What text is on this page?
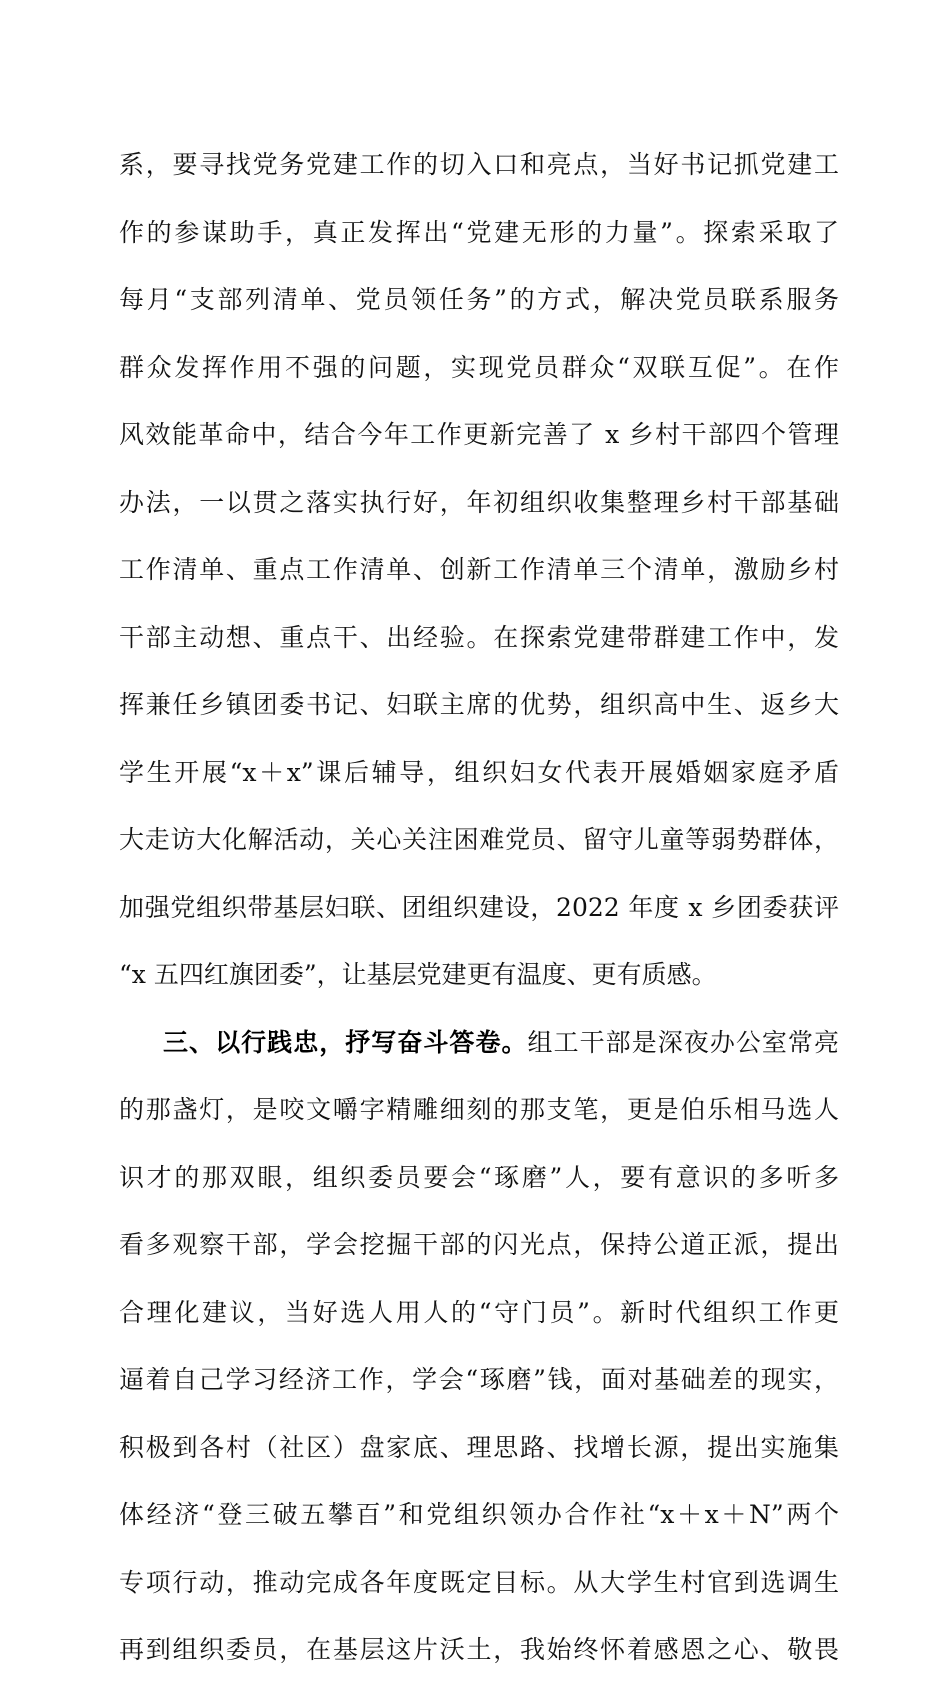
系，要寻找党务党建工作的切入口和亮点，当好书记抓党建工
作的参谋助手，真正发挥出“党建无形的力量”。探索采取了
每月“支部列清单、党员领任务”的方式，解决党员联系服务
群众发挥作用不强的问题，实现党员群众“双联互促”。在作
风效能革命中，结合今年工作更新完善了 x 乡村干部四个管理
办法，一以贯之落实执行好，年初组织收集整理乡村干部基础
工作清单、重点工作清单、创新工作清单三个清单，激励乡村
干部主动想、重点干、出经验。在探索党建带群建工作中，发
挥兼任乡镇团委书记、妇联主席的优势，组织高中生、返乡大
学生开展“x＋x”课后辅导，组织妇女代表开展婚姻家庭矛盾
大走访大化解活动，关心关注困难党员、留守儿童等弱势群体，
加强党组织带基层妇联、团组织建设，2022 年度 x 乡团委获评
“x 五四红旗团委”，让基层党建更有温度、更有质感。
三、以行践忠，抒写奋斗答卷。组工干部是深夜办公室常亮
的那盏灯，是咬文嚼字精雕细刻的那支笔，更是伯乐相马选人
识才的那双眼，组织委员要会“琢磨”人，要有意识的多听多
看多观察干部，学会挖掘干部的闪光点，保持公道正派，提出
合理化建议，当好选人用人的“守门员”。新时代组织工作更
逼着自己学习经济工作，学会“琢磨”钱，面对基础差的现实，
积极到各村（社区）盘家底、理思路、找增长源，提出实施集
体经济“登三破五攀百”和党组织领办合作社“x＋x＋N”两个
专项行动，推动完成各年度既定目标。从大学生村官到选调生
再到组织委员，在基层这片沃土，我始终怀着感恩之心、敬畏
